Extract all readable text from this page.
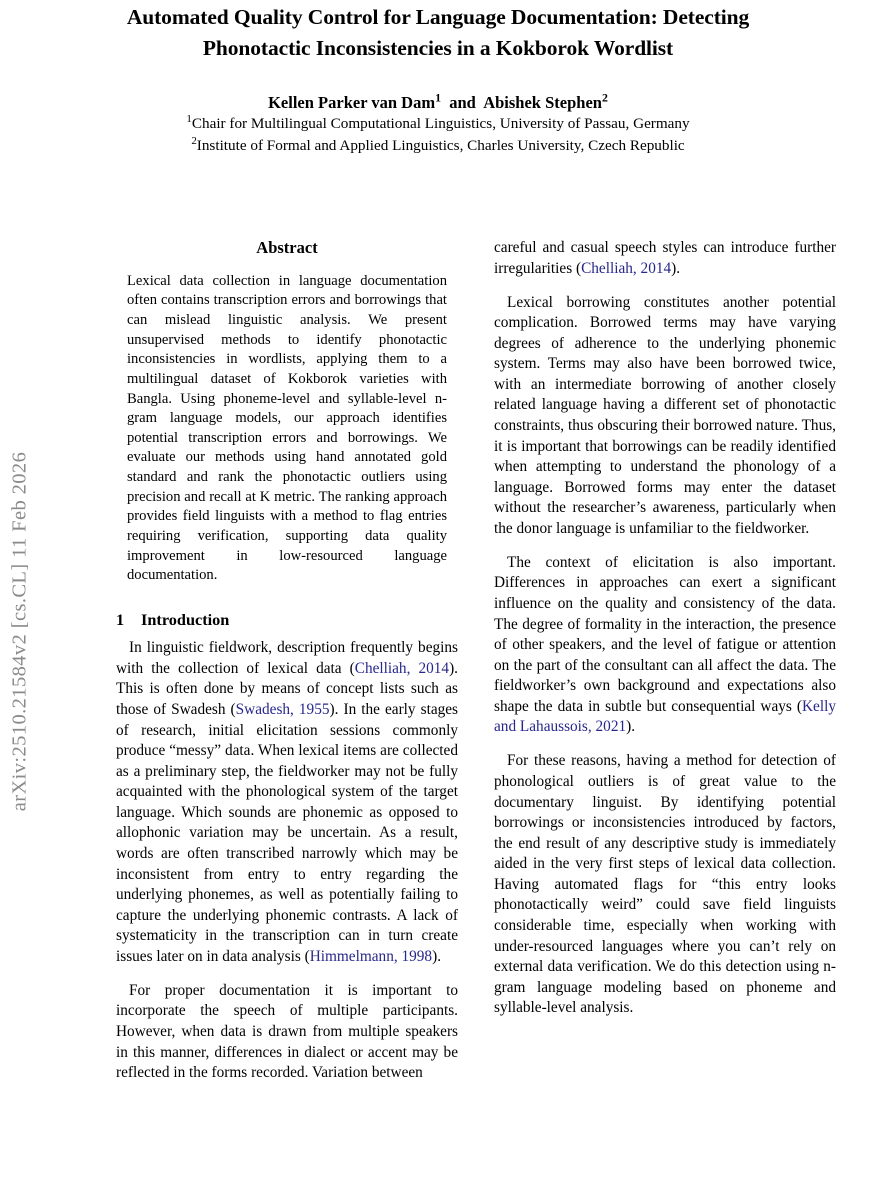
arXiv:2510.21584v2 [cs.CL] 11 Feb 2026
Automated Quality Control for Language Documentation: Detecting Phonotactic Inconsistencies in a Kokborok Wordlist

Kellen Parker van Dam$^1$ and Abishek Stephen$^2$

$^1$Chair for Multilingual Computational Linguistics, University of Passau, Germany

$^2$Institute of Formal and Applied Linguistics, Charles University, Czech Republic

Abstract
Lexical data collection in language documentation often contains transcription errors and borrowings that can mislead linguistic analysis. We present unsupervised methods to identify phonotactic inconsistencies in wordlists, applying them to a multilingual dataset of Kokborok varieties with Bangla. Using phoneme-level and syllable-level n-gram language models, our approach identifies potential transcription errors and borrowings. We evaluate our methods using hand annotated gold standard and rank the phonotactic outliers using precision and recall at K metric. The ranking approach provides field linguists with a method to flag entries requiring verification, supporting data quality improvement in low-resourced language documentation.
1 Introduction

In linguistic fieldwork, description frequently begins with the collection of lexical data (Chelliah, 2014). This is often done by means of concept lists such as those of Swadesh (Swadesh, 1955). In the early stages of research, initial elicitation sessions commonly produce “messy” data. When lexical items are collected as a preliminary step, the fieldworker may not be fully acquainted with the phonological system of the target language. Which sounds are phonemic as opposed to allophonic variation may be uncertain. As a result, words are often transcribed narrowly which may be inconsistent from entry to entry regarding the underlying phonemes, as well as potentially failing to capture the underlying phonemic contrasts. A lack of systematicity in the transcription can in turn create issues later on in data analysis (Himmelmann, 1998).

For proper documentation it is important to incorporate the speech of multiple participants. However, when data is drawn from multiple speakers in this manner, differences in dialect or accent may be reflected in the forms recorded. Variation between

careful and casual speech styles can introduce further irregularities (Chelliah, 2014).

Lexical borrowing constitutes another potential complication. Borrowed terms may have varying degrees of adherence to the underlying phonemic system. Terms may also have been borrowed twice, with an intermediate borrowing of another closely related language having a different set of phonotactic constraints, thus obscuring their borrowed nature. Thus, it is important that borrowings can be readily identified when attempting to understand the phonology of a language. Borrowed forms may enter the dataset without the researcher’s awareness, particularly when the donor language is unfamiliar to the fieldworker.

The context of elicitation is also important. Differences in approaches can exert a significant influence on the quality and consistency of the data. The degree of formality in the interaction, the presence of other speakers, and the level of fatigue or attention on the part of the consultant can all affect the data. The fieldworker’s own background and expectations also shape the data in subtle but consequential ways (Kelly and Lahaussois, 2021).

For these reasons, having a method for detection of phonological outliers is of great value to the documentary linguist. By identifying potential borrowings or inconsistencies introduced by factors, the end result of any descriptive study is immediately aided in the very first steps of lexical data collection. Having automated flags for “this entry looks phonotactically weird” could save field linguists considerable time, especially when working with under-resourced languages where you can’t rely on external data verification. We do this detection using n-gram language modeling based on phoneme and syllable-level analysis.
